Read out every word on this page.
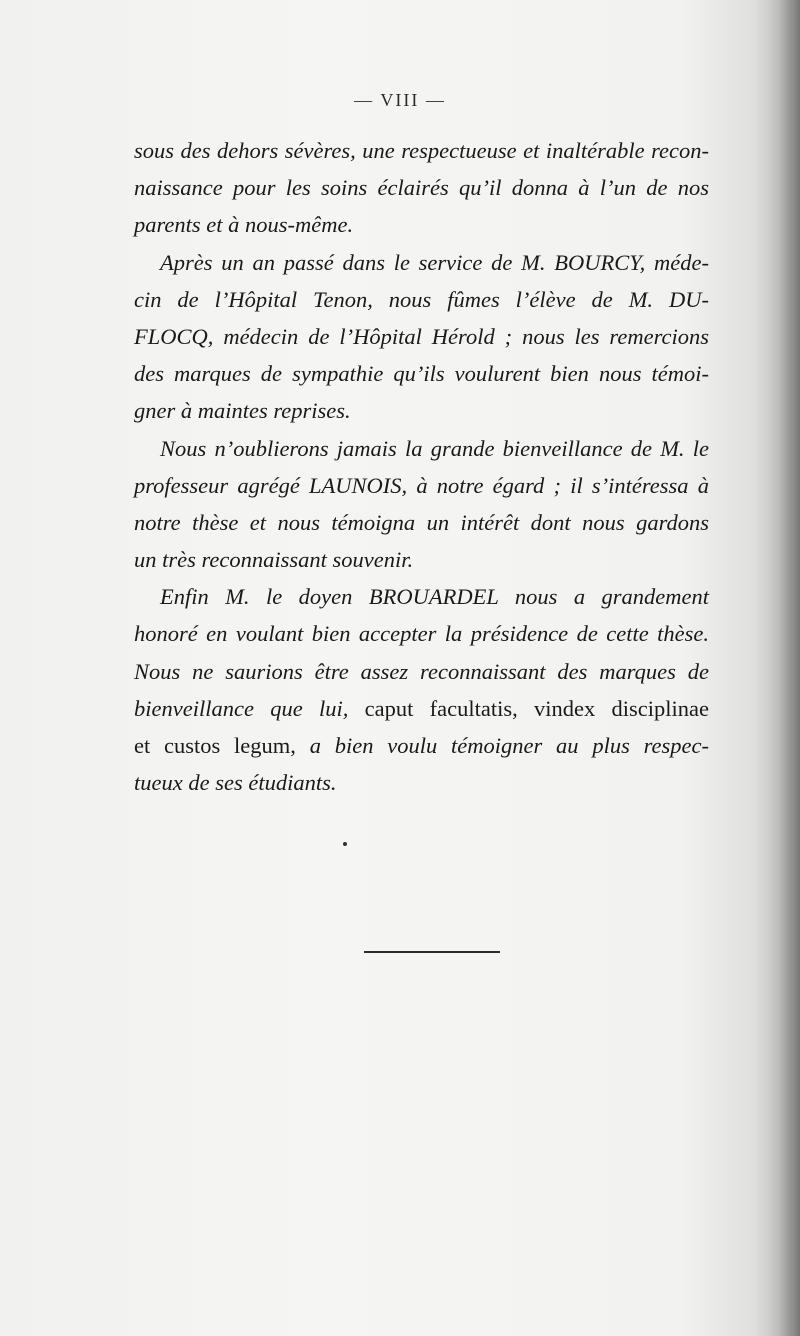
— VIII —
sous des dehors sévères, une respectueuse et inaltérable recon-
naissance pour les soins éclairés qu’il donna à l’un de nos
parents et à nous-même.
Après un an passé dans le service de M. BOURCY, méde-
cin de l’Hôpital Tenon, nous fûmes l’élève de M. DU-
FLOCQ, médecin de l’Hôpital Hérold ; nous les remercions
des marques de sympathie qu’ils voulurent bien nous témoi-
gner à maintes reprises.
Nous n’oublierons jamais la grande bienveillance de M. le
professeur agrégé LAUNOIS, à notre égard ; il s’intéressa à
notre thèse et nous témoigna un intérêt dont nous gardons
un très reconnaissant souvenir.
Enfin M. le doyen BROUARDEL nous a grandement
honoré en voulant bien accepter la présidence de cette thèse.
Nous ne saurions être assez reconnaissant des marques de
bienveillance que lui, caput facultatis, vindex disciplinae
et custos legum, a bien voulu témoigner au plus respec-
tueux de ses étudiants.
